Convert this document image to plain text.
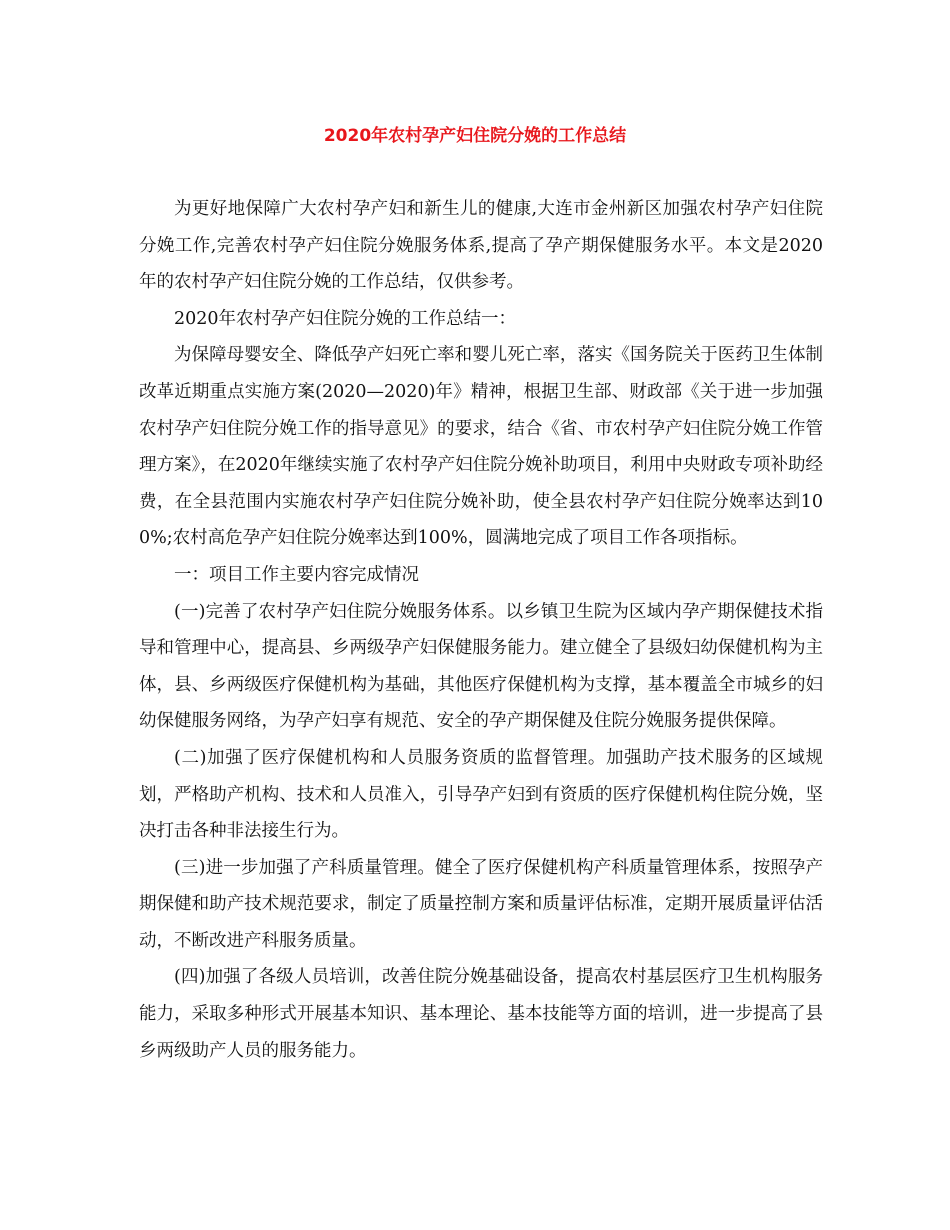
2020年农村孕产妇住院分娩的工作总结

为更好地保障广大农村孕产妇和新生儿的健康,大连市金州新区加强农村孕产妇住院分娩工作,完善农村孕产妇住院分娩服务体系,提高了孕产期保健服务水平。本文是2020年的农村孕产妇住院分娩的工作总结，仅供参考。

2020年农村孕产妇住院分娩的工作总结一：

为保障母婴安全、降低孕产妇死亡率和婴儿死亡率，落实《国务院关于医药卫生体制改革近期重点实施方案(2020—2020)年》精神，根据卫生部、财政部《关于进一步加强农村孕产妇住院分娩工作的指导意见》的要求，结合《省、市农村孕产妇住院分娩工作管理方案》，在2020年继续实施了农村孕产妇住院分娩补助项目，利用中央财政专项补助经费，在全县范围内实施农村孕产妇住院分娩补助，使全县农村孕产妇住院分娩率达到100%;农村高危孕产妇住院分娩率达到100%，圆满地完成了项目工作各项指标。

一：项目工作主要内容完成情况

(一)完善了农村孕产妇住院分娩服务体系。以乡镇卫生院为区域内孕产期保健技术指导和管理中心，提高县、乡两级孕产妇保健服务能力。建立健全了县级妇幼保健机构为主体，县、乡两级医疗保健机构为基础，其他医疗保健机构为支撑，基本覆盖全市城乡的妇幼保健服务网络，为孕产妇享有规范、安全的孕产期保健及住院分娩服务提供保障。

(二)加强了医疗保健机构和人员服务资质的监督管理。加强助产技术服务的区域规划，严格助产机构、技术和人员准入，引导孕产妇到有资质的医疗保健机构住院分娩，坚决打击各种非法接生行为。

(三)进一步加强了产科质量管理。健全了医疗保健机构产科质量管理体系，按照孕产期保健和助产技术规范要求，制定了质量控制方案和质量评估标准，定期开展质量评估活动，不断改进产科服务质量。

(四)加强了各级人员培训，改善住院分娩基础设备，提高农村基层医疗卫生机构服务能力，采取多种形式开展基本知识、基本理论、基本技能等方面的培训，进一步提高了县乡两级助产人员的服务能力。
